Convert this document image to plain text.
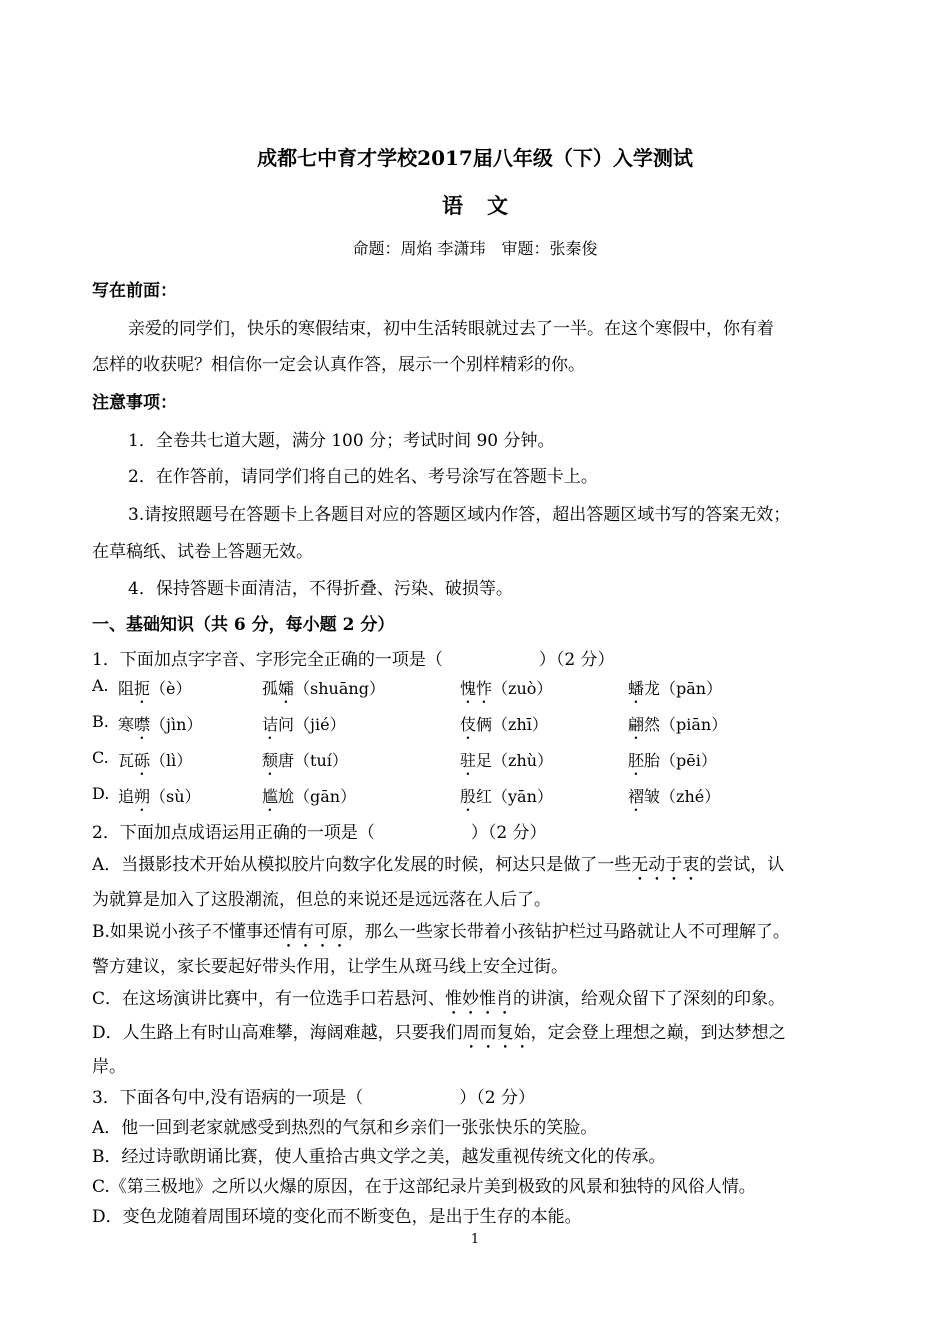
成都七中育才学校2017届八年级（下）入学测试
语 文
命题：周焰 李潇玮　审题：张秦俊
写在前面：
亲爱的同学们，快乐的寒假结束，初中生活转眼就过去了一半。在这个寒假中，你有着
怎样的收获呢？相信你一定会认真作答，展示一个别样精彩的你。
注意事项：
1．全卷共七道大题，满分 100 分；考试时间 90 分钟。
2．在作答前，请同学们将自己的姓名、考号涂写在答题卡上。
3.请按照题号在答题卡上各题目对应的答题区域内作答，超出答题区域书写的答案无效；
在草稿纸、试卷上答题无效。
4．保持答题卡面清洁，不得折叠、污染、破损等。
一、基础知识（共 6 分，每小题 2 分）
1．下面加点字字音、字形完全正确的一项是（	）（2 分）
A. 阻扼（è）	孤孀（shuāng）	愧怍（zuò）	蟠龙（pān）
B. 寒噤（jìn）	诘问（jié）	伎俩（zhī）	翩然（piān）
C. 瓦砾（lì）	颓唐（tuí）	驻足（zhù）	胚胎（pēi）
D. 追朔（sù）	尴尬（gān）	殷红（yān）	褶皱（zhé）
2．下面加点成语运用正确的一项是（	）（2 分）
A．当摄影技术开始从模拟胶片向数字化发展的时候，柯达只是做了一些无动于衷的尝试，认
为就算是加入了这股潮流，但总的来说还是远远落在人后了。
B.如果说小孩子不懂事还情有可原，那么一些家长带着小孩钻护栏过马路就让人不可理解了。
警方建议，家长要起好带头作用，让学生从斑马线上安全过街。
C．在这场演讲比赛中，有一位选手口若悬河、惟妙惟肖的讲演，给观众留下了深刻的印象。
D．人生路上有时山高难攀，海阔难越，只要我们周而复始，定会登上理想之巅，到达梦想之
岸。
3．下面各句中,没有语病的一项是（	）（2 分）
A．他一回到老家就感受到热烈的气氛和乡亲们一张张快乐的笑脸。
B．经过诗歌朗诵比赛，使人重拾古典文学之美，越发重视传统文化的传承。
C.《第三极地》之所以火爆的原因，在于这部纪录片美到极致的风景和独特的风俗人情。
D．变色龙随着周围环境的变化而不断变色，是出于生存的本能。
1
